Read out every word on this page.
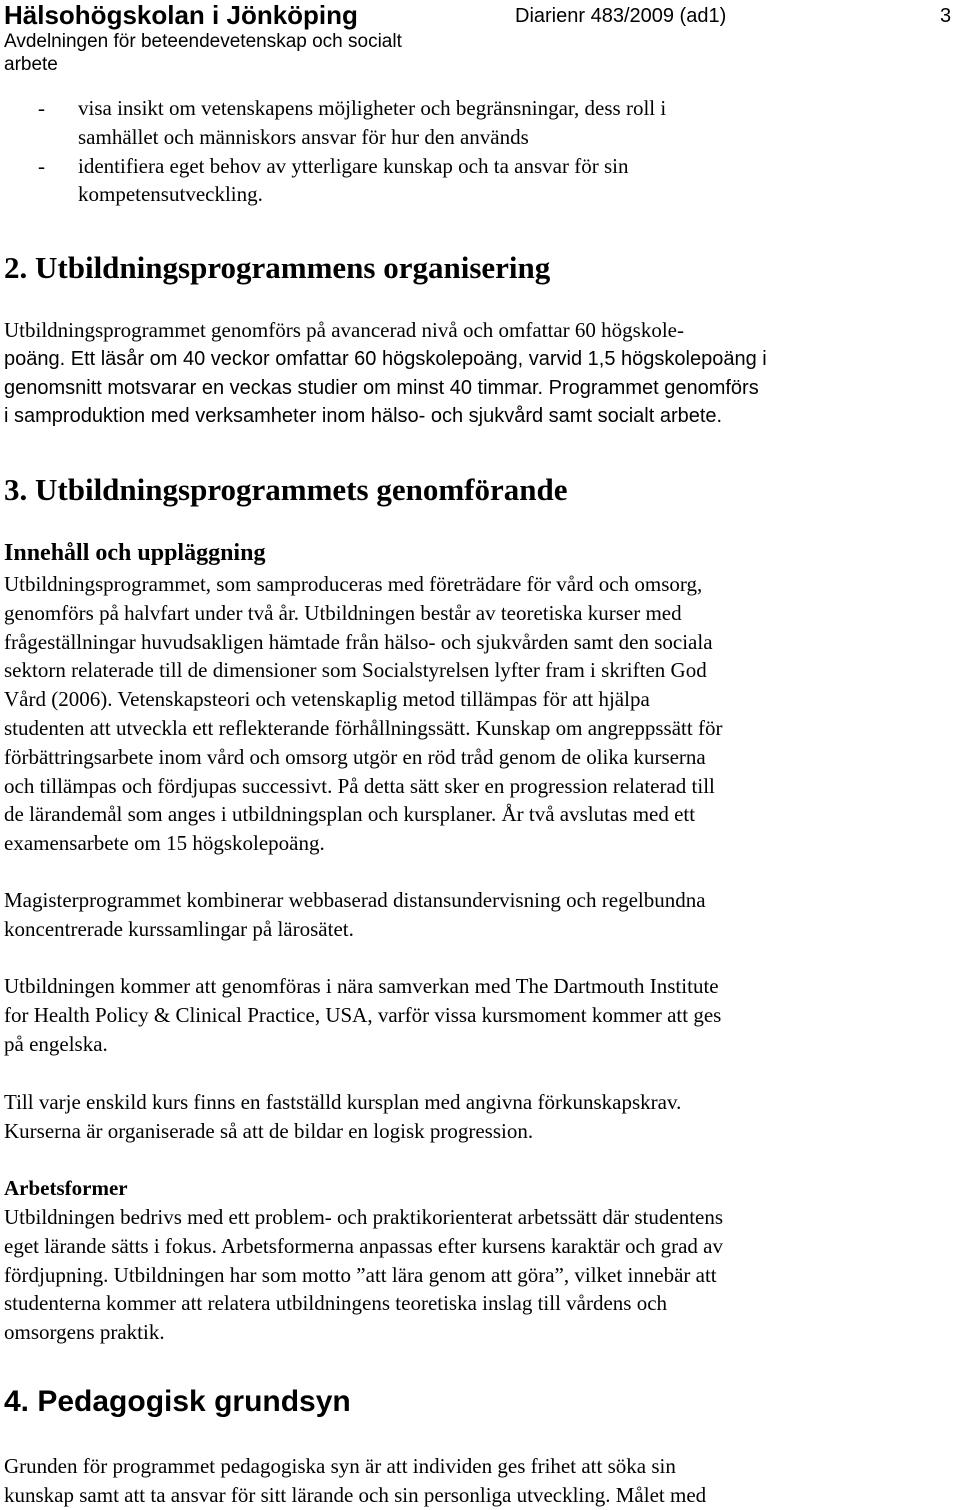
Hälsohögskolan i Jönköping
Avdelningen för beteendevetenskap och socialt arbete
Diarienr 483/2009 (ad1)	3
- visa insikt om vetenskapens möjligheter och begränsningar, dess roll i
samhället och människors ansvar för hur den används
- identifiera eget behov av ytterligare kunskap och ta ansvar för sin
kompetensutveckling.
2. Utbildningsprogrammens organisering
Utbildningsprogrammet genomförs på avancerad nivå och omfattar 60 högskole-
poäng. Ett läsår om 40 veckor omfattar 60 högskolepoäng, varvid 1,5 högskolepoäng i
genomsnitt motsvarar en veckas studier om minst 40 timmar. Programmet genomförs
i samproduktion med verksamheter inom hälso- och sjukvård samt socialt arbete.
3. Utbildningsprogrammets genomförande
Innehåll och uppläggning
Utbildningsprogrammet, som samproduceras med företrädare för vård och omsorg,
genomförs på halvfart under två år. Utbildningen består av teoretiska kurser med
frågeställningar huvudsakligen hämtade från hälso- och sjukvården samt den sociala
sektorn relaterade till de dimensioner som Socialstyrelsen lyfter fram i skriften God
Vård (2006). Vetenskapsteori och vetenskaplig metod tillämpas för att hjälpa
studenten att utveckla ett reflekterande förhållningssätt. Kunskap om angreppssätt för
förbättringsarbete inom vård och omsorg utgör en röd tråd genom de olika kurserna
och tillämpas och fördjupas successivt. På detta sätt sker en progression relaterad till
de lärandemål som anges i utbildningsplan och kursplaner. År två avslutas med ett
examensarbete om 15 högskolepoäng.
Magisterprogrammet kombinerar webbaserad distansundervisning och regelbundna
koncentrerade kurssamlingar på lärosätet.
Utbildningen kommer att genomföras i nära samverkan med The Dartmouth Institute
for Health Policy & Clinical Practice, USA, varför vissa kursmoment kommer att ges
på engelska.
Till varje enskild kurs finns en fastställd kursplan med angivna förkunskapskrav.
Kurserna är organiserade så att de bildar en logisk progression.
Arbetsformer
Utbildningen bedrivs med ett problem- och praktikorienterat arbetssätt där studentens
eget lärande sätts i fokus. Arbetsformerna anpassas efter kursens karaktär och grad av
fördjupning. Utbildningen har som motto ”att lära genom att göra”, vilket innebär att
studenterna kommer att relatera utbildningens teoretiska inslag till vårdens och
omsorgens praktik.
4. Pedagogisk grundsyn
Grunden för programmet pedagogiska syn är att individen ges frihet att söka sin
kunskap samt att ta ansvar för sitt lärande och sin personliga utveckling. Målet med
